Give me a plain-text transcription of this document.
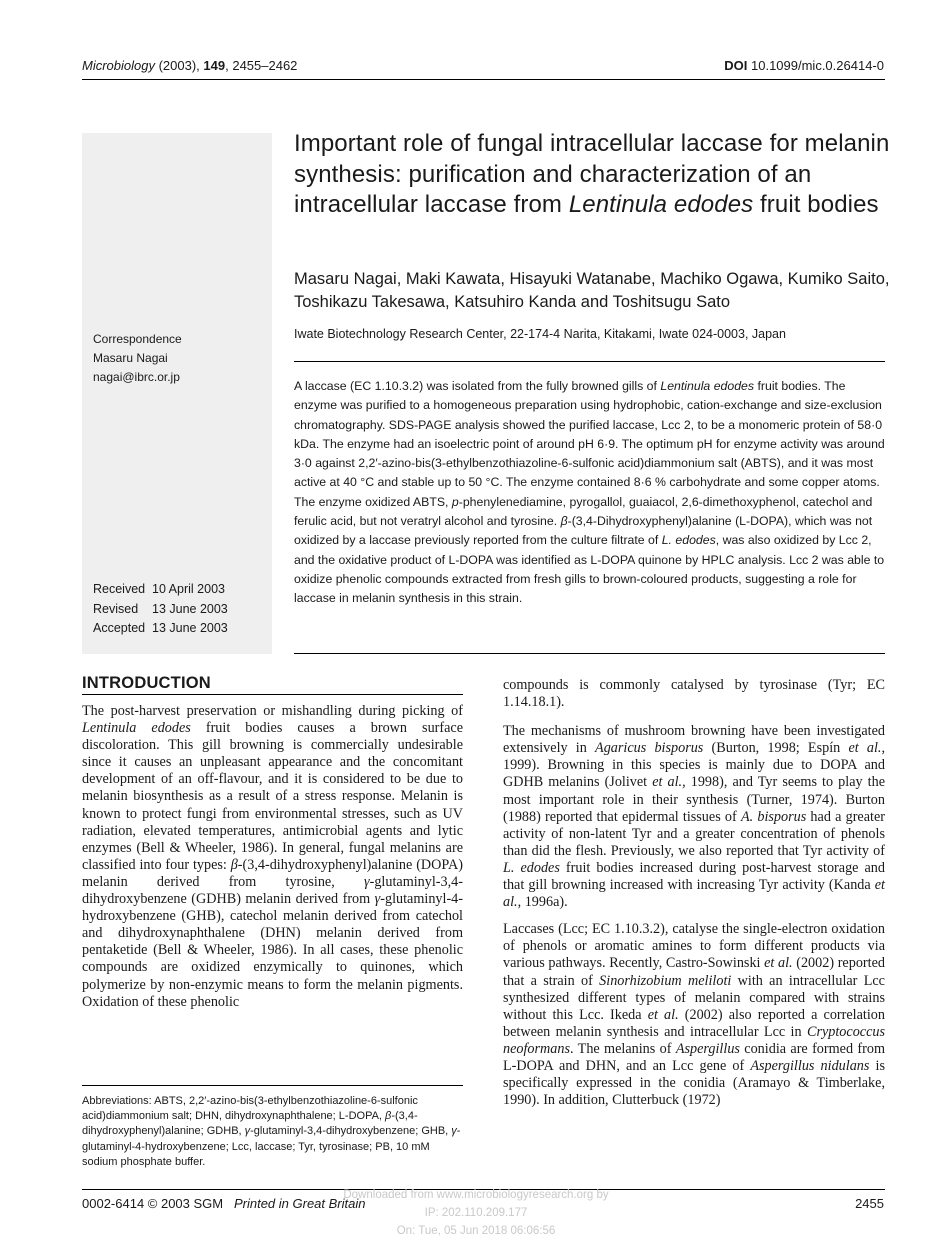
Microbiology (2003), 149, 2455–2462	DOI 10.1099/mic.0.26414-0
Correspondence
Masaru Nagai
nagai@ibrc.or.jp
Received 10 April 2003
Revised 13 June 2003
Accepted 13 June 2003
Important role of fungal intracellular laccase for melanin synthesis: purification and characterization of an intracellular laccase from Lentinula edodes fruit bodies
Masaru Nagai, Maki Kawata, Hisayuki Watanabe, Machiko Ogawa, Kumiko Saito, Toshikazu Takesawa, Katsuhiro Kanda and Toshitsugu Sato
Iwate Biotechnology Research Center, 22-174-4 Narita, Kitakami, Iwate 024-0003, Japan
A laccase (EC 1.10.3.2) was isolated from the fully browned gills of Lentinula edodes fruit bodies. The enzyme was purified to a homogeneous preparation using hydrophobic, cation-exchange and size-exclusion chromatography. SDS-PAGE analysis showed the purified laccase, Lcc 2, to be a monomeric protein of 58·0 kDa. The enzyme had an isoelectric point of around pH 6·9. The optimum pH for enzyme activity was around 3·0 against 2,2′-azino-bis(3-ethylbenzothiazoline-6-sulfonic acid)diammonium salt (ABTS), and it was most active at 40 °C and stable up to 50 °C. The enzyme contained 8·6 % carbohydrate and some copper atoms. The enzyme oxidized ABTS, p-phenylenediamine, pyrogallol, guaiacol, 2,6-dimethoxyphenol, catechol and ferulic acid, but not veratryl alcohol and tyrosine. β-(3,4-Dihydroxyphenyl)alanine (L-DOPA), which was not oxidized by a laccase previously reported from the culture filtrate of L. edodes, was also oxidized by Lcc 2, and the oxidative product of L-DOPA was identified as L-DOPA quinone by HPLC analysis. Lcc 2 was able to oxidize phenolic compounds extracted from fresh gills to brown-coloured products, suggesting a role for laccase in melanin synthesis in this strain.
INTRODUCTION

The post-harvest preservation or mishandling during picking of Lentinula edodes fruit bodies causes a brown surface discoloration. This gill browning is commercially undesirable since it causes an unpleasant appearance and the concomitant development of an off-flavour, and it is considered to be due to melanin biosynthesis as a result of a stress response. Melanin is known to protect fungi from environmental stresses, such as UV radiation, elevated temperatures, antimicrobial agents and lytic enzymes (Bell & Wheeler, 1986). In general, fungal melanins are classified into four types: β-(3,4-dihydroxyphenyl)alanine (DOPA) melanin derived from tyrosine, γ-glutaminyl-3,4-dihydroxybenzene (GDHB) melanin derived from γ-glutaminyl-4-hydroxybenzene (GHB), catechol melanin derived from catechol and dihydroxynaphthalene (DHN) melanin derived from pentaketide (Bell & Wheeler, 1986). In all cases, these phenolic compounds are oxidized enzymically to quinones, which polymerize by non-enzymic means to form the melanin pigments. Oxidation of these phenolic

compounds is commonly catalysed by tyrosinase (Tyr; EC 1.14.18.1).

The mechanisms of mushroom browning have been investigated extensively in Agaricus bisporus (Burton, 1998; Espín et al., 1999). Browning in this species is mainly due to DOPA and GDHB melanins (Jolivet et al., 1998), and Tyr seems to play the most important role in their synthesis (Turner, 1974). Burton (1988) reported that epidermal tissues of A. bisporus had a greater activity of non-latent Tyr and a greater concentration of phenols than did the flesh. Previously, we also reported that Tyr activity of L. edodes fruit bodies increased during post-harvest storage and that gill browning increased with increasing Tyr activity (Kanda et al., 1996a).

Laccases (Lcc; EC 1.10.3.2), catalyse the single-electron oxidation of phenols or aromatic amines to form different products via various pathways. Recently, Castro-Sowinski et al. (2002) reported that a strain of Sinorhizobium meliloti with an intracellular Lcc synthesized different types of melanin compared with strains without this Lcc. Ikeda et al. (2002) also reported a correlation between melanin synthesis and intracellular Lcc in Cryptococcus neoformans. The melanins of Aspergillus conidia are formed from L-DOPA and DHN, and an Lcc gene of Aspergillus nidulans is specifically expressed in the conidia (Aramayo & Timberlake, 1990). In addition, Clutterbuck (1972)

Abbreviations: ABTS, 2,2′-azino-bis(3-ethylbenzothiazoline-6-sulfonic acid)diammonium salt; DHN, dihydroxynaphthalene; L-DOPA, β-(3,4-dihydroxyphenyl)alanine; GDHB, γ-glutaminyl-3,4-dihydroxybenzene; GHB, γ-glutaminyl-4-hydroxybenzene; Lcc, laccase; Tyr, tyrosinase; PB, 10 mM sodium phosphate buffer.
0002-6414 © 2003 SGM Printed in Great Britain	2455
Downloaded from www.microbiologyresearch.org by
IP: 202.110.209.177
On: Tue, 05 Jun 2018 06:06:56
